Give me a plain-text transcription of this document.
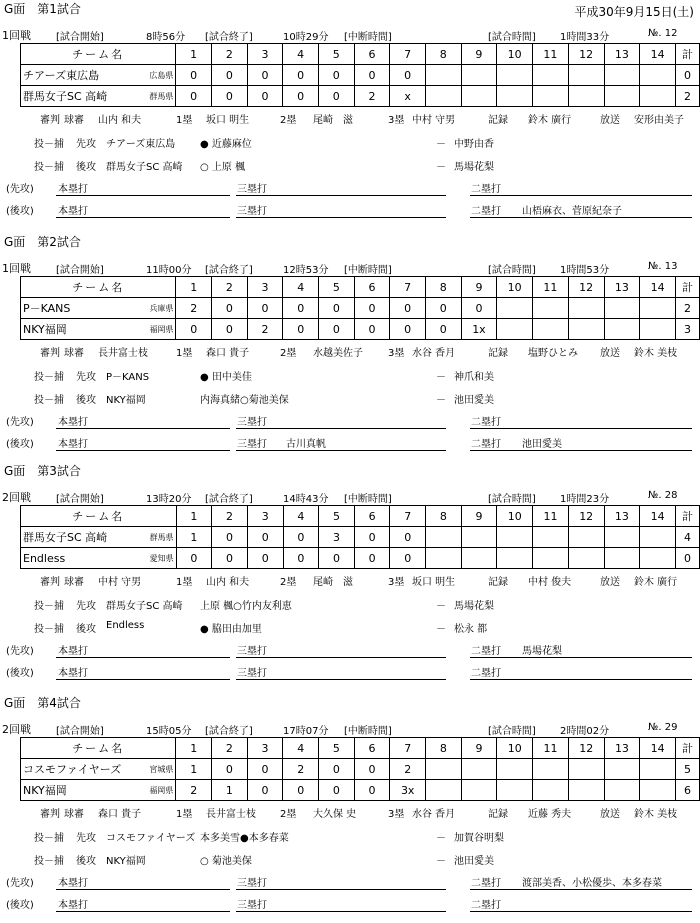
平成30年9月15日(土)
G面　第1試合
1回戦	[試合開始]	8時56分 [試合終了]	10時29分 [中断時間]	[試合時間] 1時間33分	№. 12
チーム名	1	2	3	4	5	6	7	8	9	10	11	12	13	14	計
チアーズ東広島 広島県	0	0	0	0	0	0	0								0
群馬女子SC 高崎 群馬県	0	0	0	0	0	2	x								2
審判 球審 山内 和夫	1塁 坂口 明生	2塁 尾崎　滋	3塁 中村 守男	記録 鈴木 廣行	放送 安形由美子
投－捕 先攻 チアーズ東広島 ● 近藤麻位	－ 中野由香
投－捕 後攻 群馬女子SC 高崎 ○ 上原 楓	－ 馬場花梨
(先攻) 本塁打	三塁打	二塁打
(後攻) 本塁打	三塁打	二塁打 山梧麻衣、菅原紀奈子
G面　第2試合
1回戦	[試合開始]	11時00分 [試合終了]	12時53分 [中断時間]	[試合時間] 1時間53分	№. 13
チーム名	1	2	3	4	5	6	7	8	9	10	11	12	13	14	計
P－KANS 兵庫県	2	0	0	0	0	0	0	0	0						2
NKY福岡 福岡県	0	0	2	0	0	0	0	0	1x						3
審判 球審 長井富士枝	1塁 森口 貴子	2塁 水越美佐子	3塁 水谷 香月	記録 塩野ひとみ 放送 鈴木 美枝
投－捕 先攻 P－KANS	● 田中美佳	－ 神爪和美
投－捕 後攻 NKY福岡	内海真緒○菊池美保	－ 池田愛美
(先攻) 本塁打	三塁打	二塁打
(後攻) 本塁打	三塁打 古川真帆	二塁打 池田愛美
G面　第3試合
2回戦	[試合開始]	13時20分 [試合終了]	14時43分 [中断時間]	[試合時間] 1時間23分	№. 28
チーム名	1	2	3	4	5	6	7	8	9	10	11	12	13	14	計
群馬女子SC 高崎 群馬県	1	0	0	0	3	0	0								4
Endless 愛知県	0	0	0	0	0	0	0								0
審判 球審 中村 守男	1塁 山内 和夫	2塁 尾崎　滋	3塁 坂口 明生	記録 中村 俊夫	放送 鈴木 廣行
投－捕 先攻 群馬女子SC 高崎 上原 楓○竹内友利恵	－ 馬場花梨
投－捕 後攻 Endless	● 脇田由加里	－ 松永 都
(先攻) 本塁打	三塁打	二塁打 馬場花梨
(後攻) 本塁打	三塁打	二塁打
G面　第4試合
2回戦	[試合開始]	15時05分 [試合終了]	17時07分 [中断時間]	[試合時間] 2時間02分	№. 29
チーム名	1	2	3	4	5	6	7	8	9	10	11	12	13	14	計
コスモファイヤーズ 宮城県	1	0	0	2	0	0	2								5
NKY福岡 福岡県	2	1	0	0	0	0	3x								6
審判 球審 森口 貴子	1塁 長井富士枝 2塁 大久保 史	3塁 水谷 香月	記録 近藤 秀夫	放送 鈴木 美枝
投－捕 先攻 コスモファイヤーズ 本多美雪●本多春菜	－ 加賀谷明梨
投－捕 後攻 NKY福岡	○ 菊池美保	－ 池田愛美
(先攻) 本塁打	三塁打	二塁打 渡部美香、小松優歩、本多春菜
(後攻) 本塁打	三塁打	二塁打
